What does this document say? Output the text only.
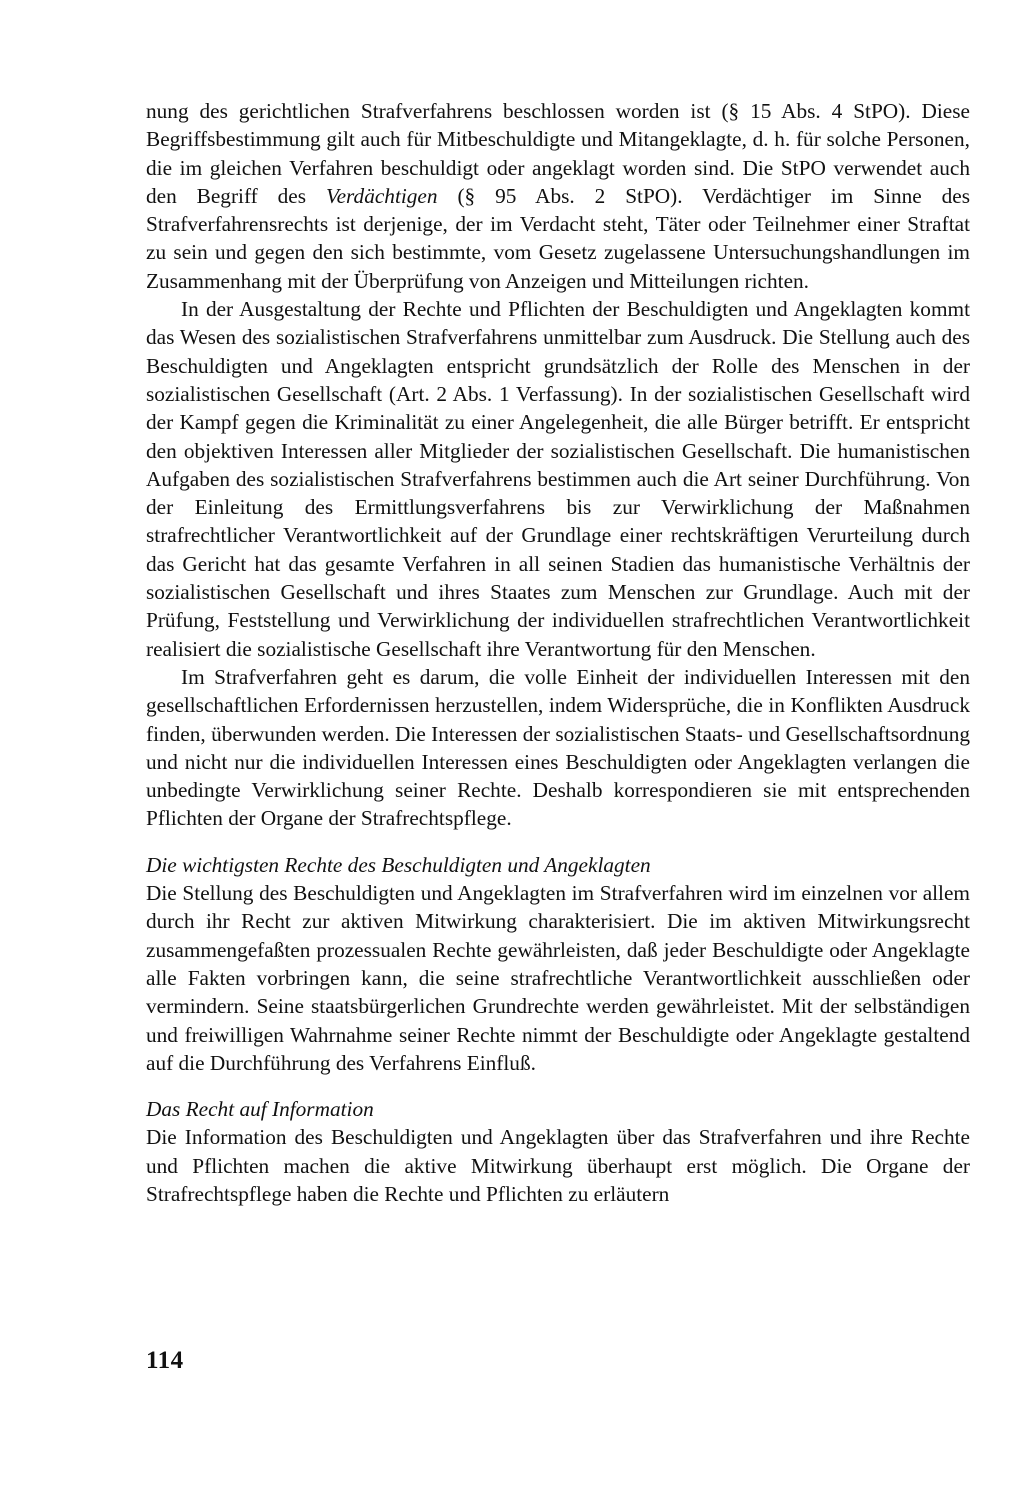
nung des gerichtlichen Strafverfahrens beschlossen worden ist (§ 15 Abs. 4 StPO). Diese Begriffsbestimmung gilt auch für Mitbeschuldigte und Mitangeklagte, d. h. für solche Personen, die im gleichen Verfahren beschuldigt oder angeklagt worden sind. Die StPO verwendet auch den Begriff des Verdächtigen (§ 95 Abs. 2 StPO). Verdächtiger im Sinne des Strafverfahrensrechts ist derjenige, der im Verdacht steht, Täter oder Teilnehmer einer Straftat zu sein und gegen den sich bestimmte, vom Gesetz zugelassene Untersuchungshandlungen im Zusammenhang mit der Überprüfung von Anzeigen und Mitteilungen richten.

In der Ausgestaltung der Rechte und Pflichten der Beschuldigten und Angeklagten kommt das Wesen des sozialistischen Strafverfahrens unmittelbar zum Ausdruck. Die Stellung auch des Beschuldigten und Angeklagten entspricht grundsätzlich der Rolle des Menschen in der sozialistischen Gesellschaft (Art. 2 Abs. 1 Verfassung). In der sozialistischen Gesellschaft wird der Kampf gegen die Kriminalität zu einer Angelegenheit, die alle Bürger betrifft. Er entspricht den objektiven Interessen aller Mitglieder der sozialistischen Gesellschaft. Die humanistischen Aufgaben des sozialistischen Strafverfahrens bestimmen auch die Art seiner Durchführung. Von der Einleitung des Ermittlungsverfahrens bis zur Verwirklichung der Maßnahmen strafrechtlicher Verantwortlichkeit auf der Grundlage einer rechtskräftigen Verurteilung durch das Gericht hat das gesamte Verfahren in all seinen Stadien das humanistische Verhältnis der sozialistischen Gesellschaft und ihres Staates zum Menschen zur Grundlage. Auch mit der Prüfung, Feststellung und Verwirklichung der individuellen strafrechtlichen Verantwortlichkeit realisiert die sozialistische Gesellschaft ihre Verantwortung für den Menschen.

Im Strafverfahren geht es darum, die volle Einheit der individuellen Interessen mit den gesellschaftlichen Erfordernissen herzustellen, indem Widersprüche, die in Konflikten Ausdruck finden, überwunden werden. Die Interessen der sozialistischen Staats- und Gesellschaftsordnung und nicht nur die individuellen Interessen eines Beschuldigten oder Angeklagten verlangen die unbedingte Verwirklichung seiner Rechte. Deshalb korrespondieren sie mit entsprechenden Pflichten der Organe der Strafrechtspflege.

Die wichtigsten Rechte des Beschuldigten und Angeklagten

Die Stellung des Beschuldigten und Angeklagten im Strafverfahren wird im einzelnen vor allem durch ihr Recht zur aktiven Mitwirkung charakterisiert. Die im aktiven Mitwirkungsrecht zusammengefaßten prozessualen Rechte gewährleisten, daß jeder Beschuldigte oder Angeklagte alle Fakten vorbringen kann, die seine strafrechtliche Verantwortlichkeit ausschließen oder vermindern. Seine staatsbürgerlichen Grundrechte werden gewährleistet. Mit der selbständigen und freiwilligen Wahrnahme seiner Rechte nimmt der Beschuldigte oder Angeklagte gestaltend auf die Durchführung des Verfahrens Einfluß.

Das Recht auf Information

Die Information des Beschuldigten und Angeklagten über das Strafverfahren und ihre Rechte und Pflichten machen die aktive Mitwirkung überhaupt erst möglich. Die Organe der Strafrechtspflege haben die Rechte und Pflichten zu erläutern

114
